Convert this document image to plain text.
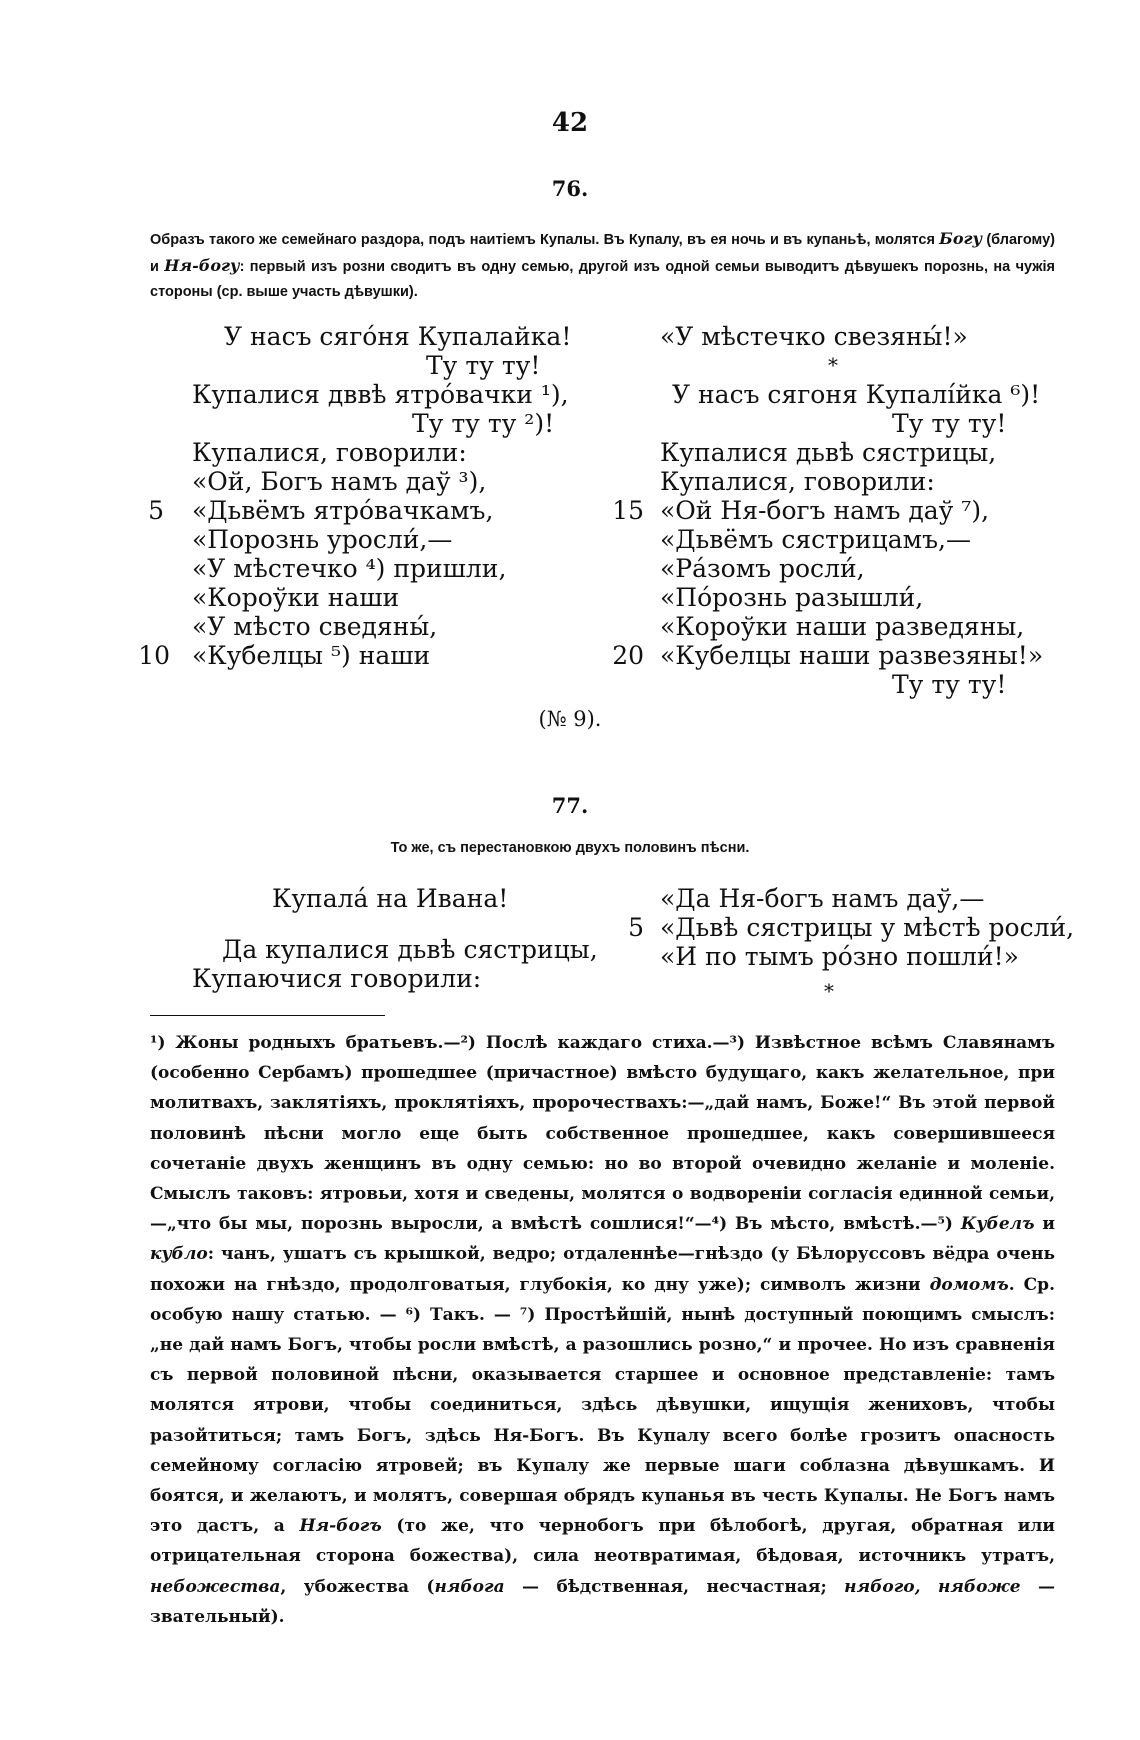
42
76.
Образъ такого же семейнаго раздора, подъ наитіемъ Купалы. Въ Купалу, въ ея ночь и въ купаньѣ, молятся Богу (благому) и Ня-богу: первый изъ розни сводитъ въ одну семью, другой изъ одной семьи выводитъ дѣвушекъ порознь, на чужія стороны (ср. выше участь дѣвушки).
У насъ сягóня Купалайка!
Ту ту ту!
Купалися дввѣ ятрóвачки ¹),
Ту ту ту ²)!
Купалися, говорили:
«Ой, Богъ намъ даў ³),
5 «Дьвёмъ ятрóвачкамъ,
«Порознь уросли́,—
«У мѣстечко ⁴) пришли,
«Короўки наши
«У мѣсто сведяны́,
10 «Кубелцы ⁵) наши
«У мѣстечко свезяны́!»
*
У насъ сягоня Купалі́йка ⁶)!
Ту ту ту!
Купалися дьвѣ сястрицы,
Купалися, говорили:
15 «Ой Ня-богъ намъ даў ⁷),
«Дьвёмъ сястрицамъ,—
«Рáзомъ росли́,
«Пóрознь разышли́,
«Короўки наши разведяны,
20 «Кубелцы наши развезяны!»
Ту ту ту!
(№ 9).
77.
То же, съ перестановкою двухъ половинъ пѣсни.
Купала́ на Ивана!
Да купалися дьвѣ сястрицы,
Купаючися говорили:
«Да Ня-богъ намъ даў,—
5 «Дьвѣ сястрицы у мѣстѣ росли́,
«И по тымъ рóзно пошли́!»
*
¹) Жоны родныхъ братьевъ.—²) Послѣ каждаго стиха.—³) Извѣстное всѣмъ Славянамъ (особенно Сербамъ) прошедшее (причастное) вмѣсто будущаго, какъ желательное, при молитвахъ, заклятіяхъ, проклятіяхъ, пророчествахъ:—„дай намъ, Боже!“ Въ этой первой половинѣ пѣсни могло еще быть собственное прошедшее, какъ совершившееся сочетаніе двухъ женщинъ въ одну семью: но во второй очевидно желаніе и моленіе. Смыслъ таковъ: ятровьи, хотя и сведены, молятся о водвореніи согласія единной семьи,—„что бы мы, порознь выросли, а вмѣстѣ сошлися!“—⁴) Въ мѣсто, вмѣстѣ.—⁵) Кубелъ и кубло: чанъ, ушатъ съ крышкой, ведро; отдаленнѣе—гнѣздо (у Бѣлоруссовъ вёдра очень похожи на гнѣздо, продолговатыя, глубокія, ко дну уже); символъ жизни домомъ. Ср. особую нашу статью. — ⁶) Такъ. — ⁷) Простѣйшій, нынѣ доступный поющимъ смыслъ: „не дай намъ Богъ, чтобы росли вмѣстѣ, а разошлись розно,“ и прочее. Но изъ сравненія съ первой половиной пѣсни, оказывается старшее и основное представленіе: тамъ молятся ятрови, чтобы соединиться, здѣсь дѣвушки, ищущія жениховъ, чтобы разойтиться; тамъ Богъ, здѣсь Ня-Богъ. Въ Купалу всего болѣе грозитъ опасность семейному согласію ятровей; въ Купалу же первые шаги соблазна дѣвушкамъ. И боятся, и желаютъ, и молятъ, совершая обрядъ купанья въ честь Купалы. Не Богъ намъ это дастъ, а Ня-богъ (то же, что чернобогъ при бѣлобогѣ, другая, обратная или отрицательная сторона божества), сила неотвратимая, бѣдовая, источникъ утратъ, небожества, убожества (нябога — бѣдственная, несчастная; нябого, нябоже — звательный).
